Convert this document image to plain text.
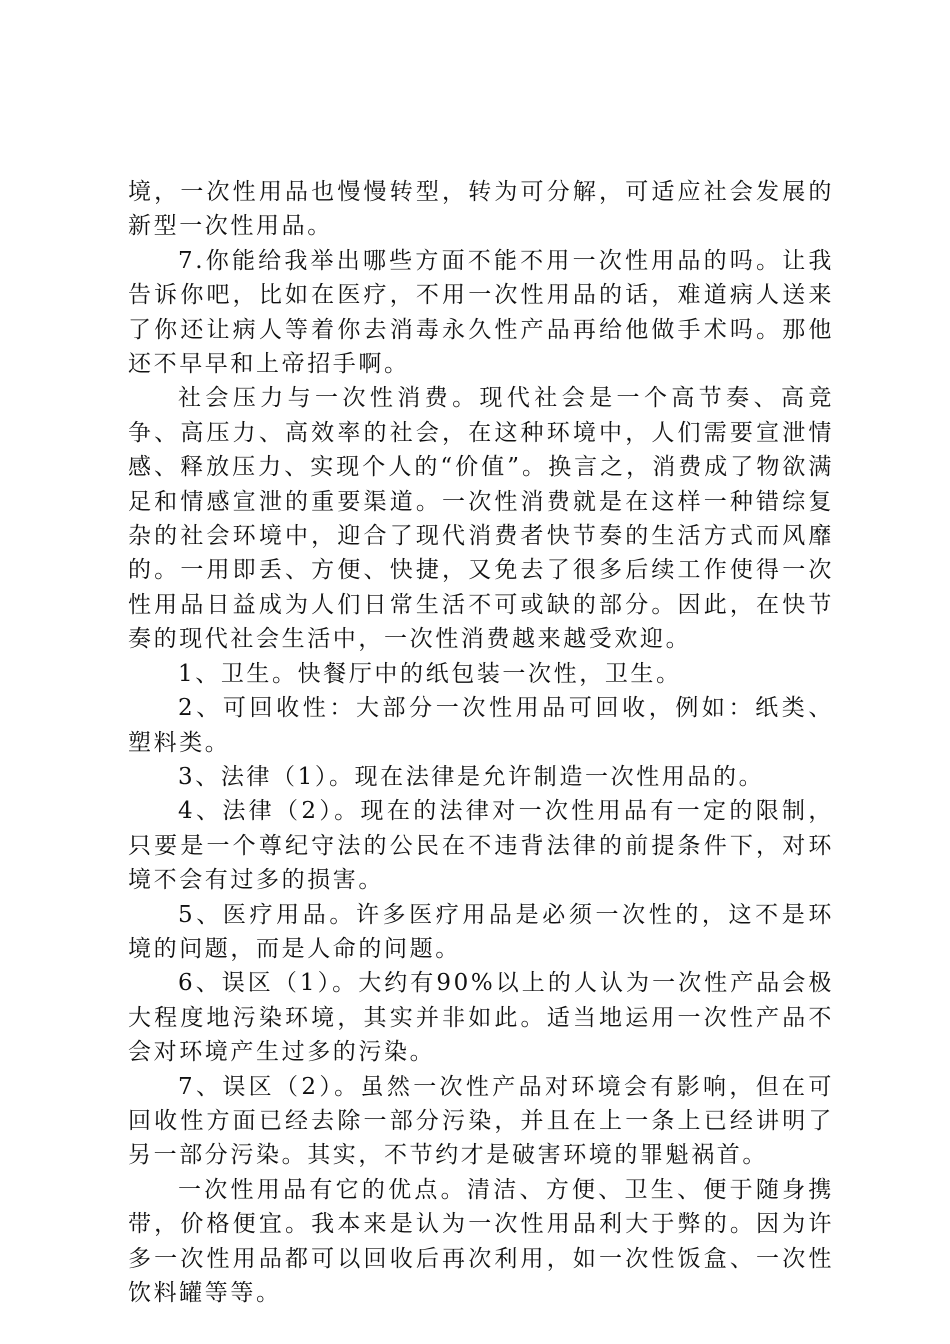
境，一次性用品也慢慢转型，转为可分解，可适应社会发展的新型一次性用品。

7.你能给我举出哪些方面不能不用一次性用品的吗。让我告诉你吧，比如在医疗，不用一次性用品的话，难道病人送来了你还让病人等着你去消毒永久性产品再给他做手术吗。那他还不早早和上帝招手啊。

社会压力与一次性消费。现代社会是一个高节奏、高竞争、高压力、高效率的社会，在这种环境中，人们需要宣泄情感、释放压力、实现个人的“价值”。换言之，消费成了物欲满足和情感宣泄的重要渠道。一次性消费就是在这样一种错综复杂的社会环境中，迎合了现代消费者快节奏的生活方式而风靡的。一用即丢、方便、快捷，又免去了很多后续工作使得一次性用品日益成为人们日常生活不可或缺的部分。因此，在快节奏的现代社会生活中，一次性消费越来越受欢迎。

1、卫生。快餐厅中的纸包装一次性，卫生。

2、可回收性：大部分一次性用品可回收，例如：纸类、塑料类。

3、法律（1）。现在法律是允许制造一次性用品的。

4、法律（2）。现在的法律对一次性用品有一定的限制，只要是一个尊纪守法的公民在不违背法律的前提条件下，对环境不会有过多的损害。

5、医疗用品。许多医疗用品是必须一次性的，这不是环境的问题，而是人命的问题。

6、误区（1）。大约有90%以上的人认为一次性产品会极大程度地污染环境，其实并非如此。适当地运用一次性产品不会对环境产生过多的污染。

7、误区（2）。虽然一次性产品对环境会有影响，但在可回收性方面已经去除一部分污染，并且在上一条上已经讲明了另一部分污染。其实，不节约才是破害环境的罪魁祸首。

一次性用品有它的优点。清洁、方便、卫生、便于随身携带，价格便宜。我本来是认为一次性用品利大于弊的。因为许多一次性用品都可以回收后再次利用，如一次性饭盒、一次性饮料罐等等。
